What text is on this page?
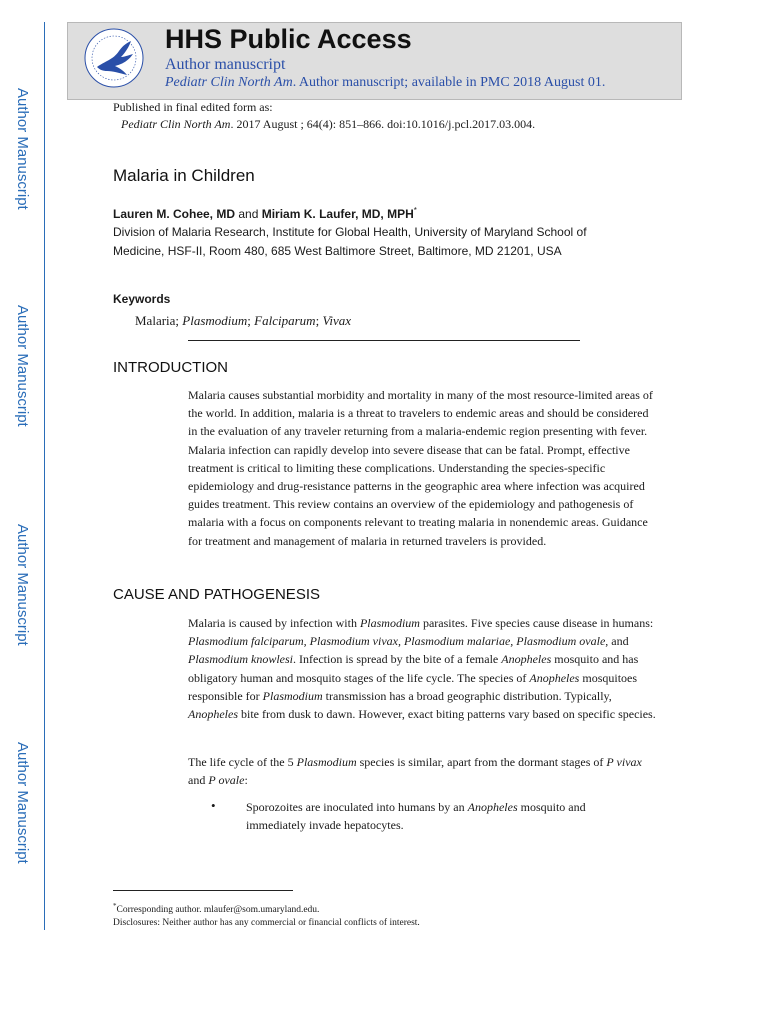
Author Manuscript
Author Manuscript
Author Manuscript
Author Manuscript
HHS Public Access
Author manuscript
Pediatr Clin North Am. Author manuscript; available in PMC 2018 August 01.
Published in final edited form as:
Pediatr Clin North Am. 2017 August ; 64(4): 851–866. doi:10.1016/j.pcl.2017.03.004.
Malaria in Children
Lauren M. Cohee, MD and Miriam K. Laufer, MD, MPH*
Division of Malaria Research, Institute for Global Health, University of Maryland School of Medicine, HSF-II, Room 480, 685 West Baltimore Street, Baltimore, MD 21201, USA
Keywords
Malaria; Plasmodium; Falciparum; Vivax
INTRODUCTION
Malaria causes substantial morbidity and mortality in many of the most resource-limited areas of the world. In addition, malaria is a threat to travelers to endemic areas and should be considered in the evaluation of any traveler returning from a malaria-endemic region presenting with fever. Malaria infection can rapidly develop into severe disease that can be fatal. Prompt, effective treatment is critical to limiting these complications. Understanding the species-specific epidemiology and drug-resistance patterns in the geographic area where infection was acquired guides treatment. This review contains an overview of the epidemiology and pathogenesis of malaria with a focus on components relevant to treating malaria in nonendemic areas. Guidance for treatment and management of malaria in returned travelers is provided.
CAUSE AND PATHOGENESIS
Malaria is caused by infection with Plasmodium parasites. Five species cause disease in humans: Plasmodium falciparum, Plasmodium vivax, Plasmodium malariae, Plasmodium ovale, and Plasmodium knowlesi. Infection is spread by the bite of a female Anopheles mosquito and has obligatory human and mosquito stages of the life cycle. The species of Anopheles mosquitoes responsible for Plasmodium transmission has a broad geographic distribution. Typically, Anopheles bite from dusk to dawn. However, exact biting patterns vary based on specific species.
The life cycle of the 5 Plasmodium species is similar, apart from the dormant stages of P vivax and P ovale:
•	Sporozoites are inoculated into humans by an Anopheles mosquito and immediately invade hepatocytes.
*Corresponding author. mlaufer@som.umaryland.edu.
Disclosures: Neither author has any commercial or financial conflicts of interest.
